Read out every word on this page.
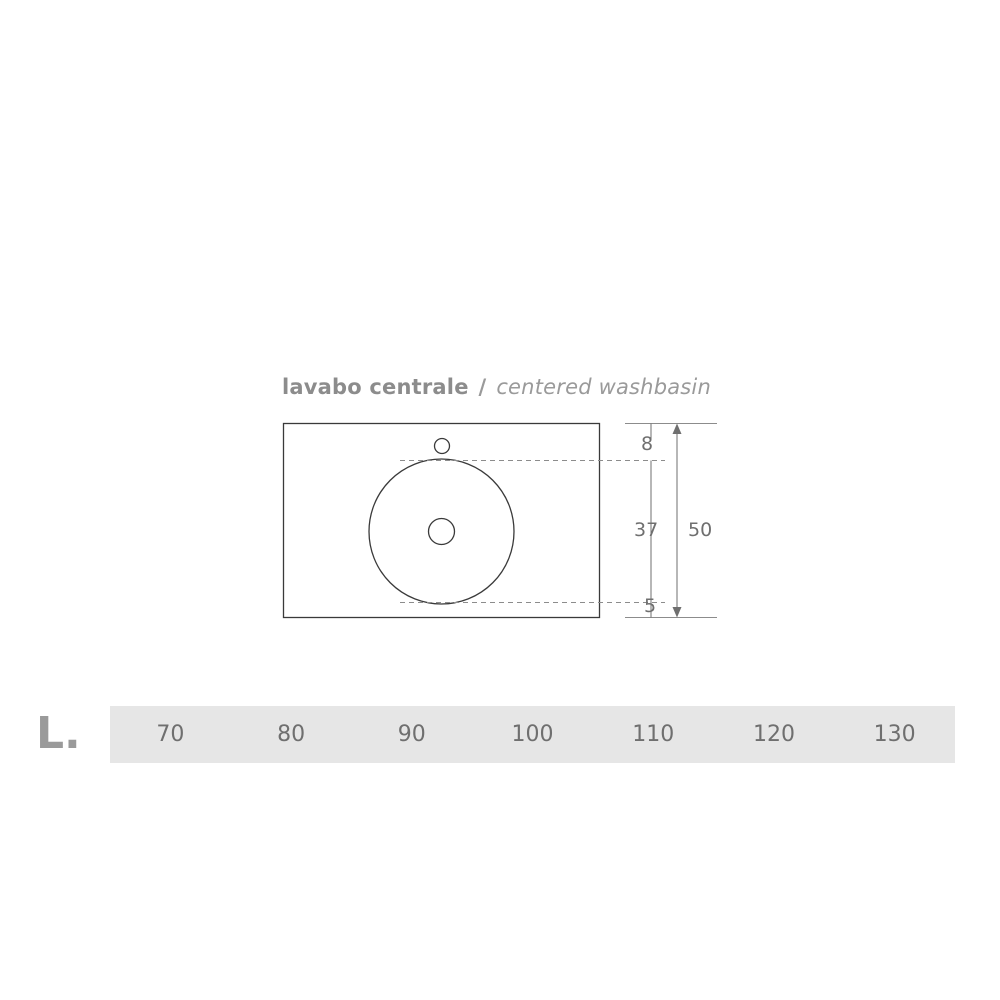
lavabo centrale / centered washbasin
8
37
5
50
L.	70	80	90	100	110	120	130
